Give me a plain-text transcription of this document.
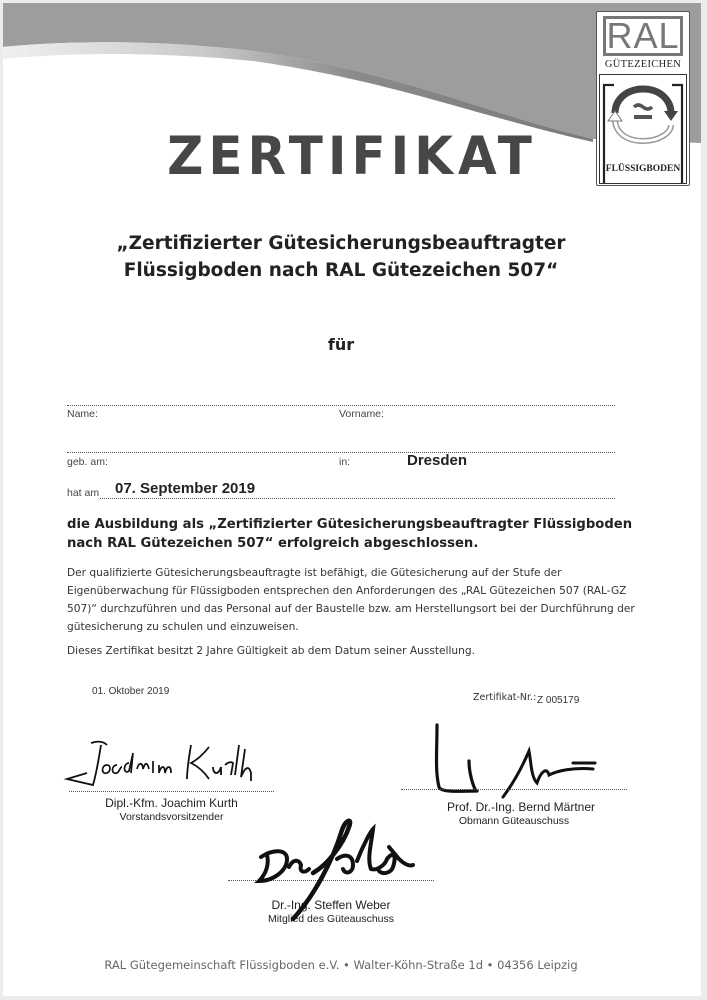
RAL
GÜTEZEICHEN
FLÜSSIGBODEN
ZERTIFIKAT
„Zertifizierter Gütesicherungsbeauftragter
Flüssigboden nach RAL Gütezeichen 507“
für
Name:	Vorname:
geb. am:	in:	Dresden
hat am 07. September 2019
die Ausbildung als „Zertifizierter Gütesicherungsbeauftragter Flüssigboden nach RAL Gütezeichen 507“ erfolgreich abgeschlossen.
Der qualifizierte Gütesicherungsbeauftragte ist befähigt, die Gütesicherung auf der Stufe der Eigenüberwachung für Flüssigboden entsprechen den Anforderungen des „RAL Gütezeichen 507 (RAL-GZ 507)“ durchzuführen und das Personal auf der Baustelle bzw. am Herstellungsort bei der Durchführung der gütesicherung zu schulen und einzuweisen.
Dieses Zertifikat besitzt 2 Jahre Gültigkeit ab dem Datum seiner Ausstellung.
01. Oktober 2019
Zertifikat-Nr.: Z 005179
Dipl.-Kfm. Joachim Kurth
Vorstandsvorsitzender
Prof. Dr.-Ing. Bernd Märtner
Obmann Güteauschuss
Dr.-Ing. Steffen Weber
Mitglied des Güteauschuss
RAL Gütegemeinschaft Flüssigboden e.V. • Walter-Köhn-Straße 1d • 04356 Leipzig
